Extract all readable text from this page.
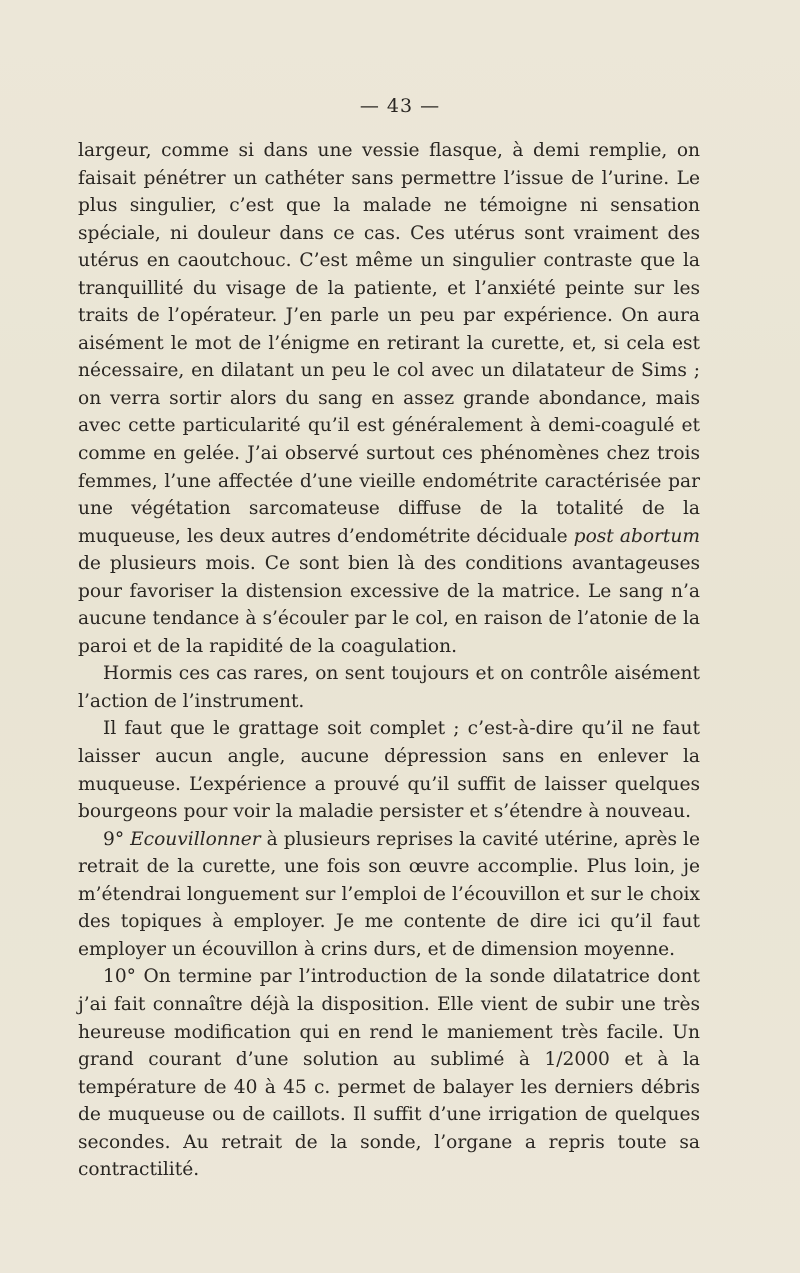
— 43 —

largeur, comme si dans une vessie flasque, à demi remplie, on faisait pénétrer un cathéter sans permettre l’issue de l’urine. Le plus singulier, c’est que la malade ne témoigne ni sensation spéciale, ni douleur dans ce cas. Ces utérus sont vraiment des utérus en caoutchouc. C’est même un singulier contraste que la tranquillité du visage de la patiente, et l’anxiété peinte sur les traits de l’opérateur. J’en parle un peu par expérience. On aura aisément le mot de l’énigme en retirant la curette, et, si cela est nécessaire, en dilatant un peu le col avec un dilatateur de Sims ; on verra sortir alors du sang en assez grande abondance, mais avec cette particularité qu’il est généralement à demi-coagulé et comme en gelée. J’ai observé surtout ces phénomènes chez trois femmes, l’une affectée d’une vieille endométrite caractérisée par une végétation sarcomateuse diffuse de la totalité de la muqueuse, les deux autres d’endométrite déciduale post abortum de plusieurs mois. Ce sont bien là des conditions avantageuses pour favoriser la distension excessive de la matrice. Le sang n’a aucune tendance à s’écouler par le col, en raison de l’atonie de la paroi et de la rapidité de la coagulation.

Hormis ces cas rares, on sent toujours et on contrôle aisément l’action de l’instrument.

Il faut que le grattage soit complet ; c’est-à-dire qu’il ne faut laisser aucun angle, aucune dépression sans en enlever la muqueuse. L’expérience a prouvé qu’il suffit de laisser quelques bourgeons pour voir la maladie persister et s’étendre à nouveau.

9° Ecouvillonner à plusieurs reprises la cavité utérine, après le retrait de la curette, une fois son œuvre accomplie. Plus loin, je m’étendrai longuement sur l’emploi de l’écouvillon et sur le choix des topiques à employer. Je me contente de dire ici qu’il faut employer un écouvillon à crins durs, et de dimension moyenne.

10° On termine par l’introduction de la sonde dilatatrice dont j’ai fait connaître déjà la disposition. Elle vient de subir une très heureuse modification qui en rend le maniement très facile. Un grand courant d’une solution au sublimé à 1/2000 et à la température de 40 à 45 c. permet de balayer les derniers débris de muqueuse ou de caillots. Il suffit d’une irrigation de quelques secondes. Au retrait de la sonde, l’organe a repris toute sa contractilité.
